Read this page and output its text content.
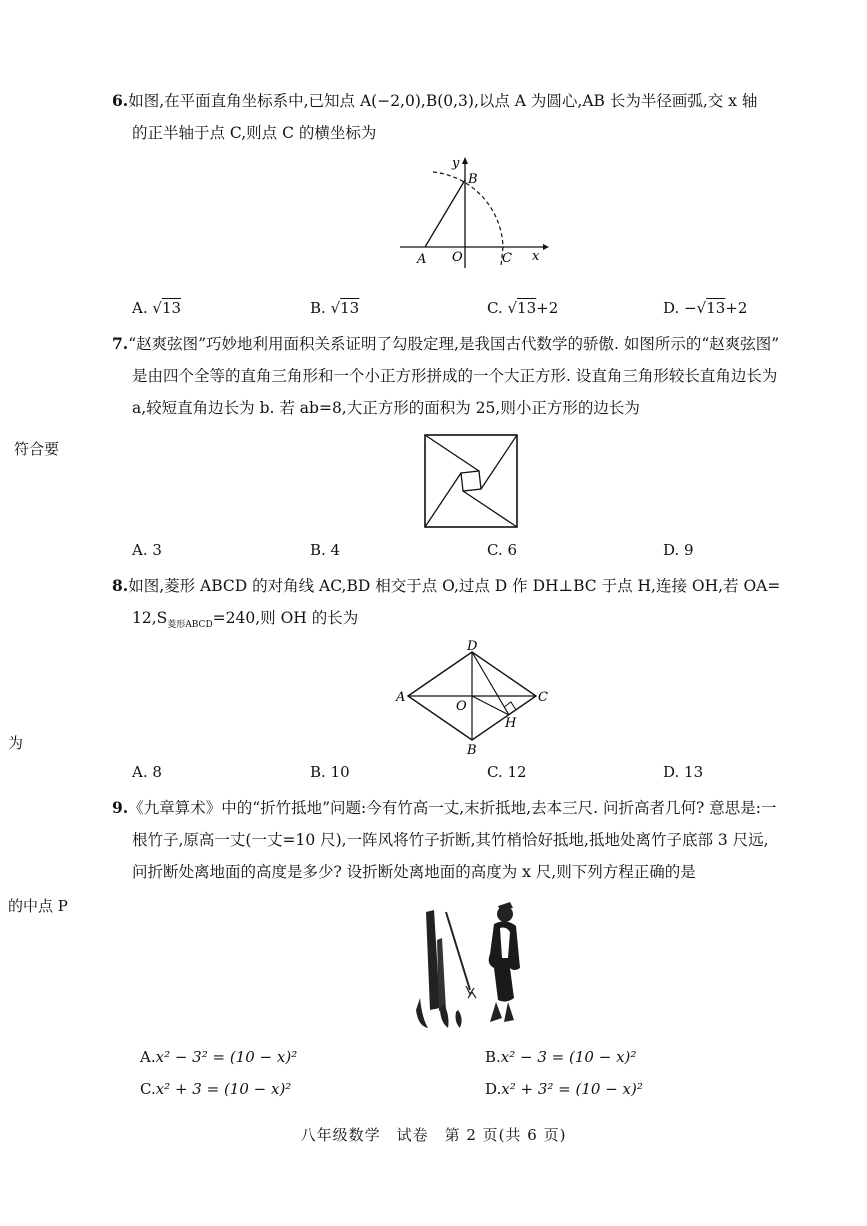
符合要
为
的中点 P
6.如图,在平面直角坐标系中,已知点 A(−2,0),B(0,3),以点 A 为圆心,AB 长为半径画弧,交 x 轴
的正半轴于点 C,则点 C 的横坐标为
y
B
A O	C x
A. √13	B. √13	C. √13+2	D. −√13+2
7.“赵爽弦图”巧妙地利用面积关系证明了勾股定理,是我国古代数学的骄傲. 如图所示的“赵爽弦图”
是由四个全等的直角三角形和一个小正方形拼成的一个大正方形. 设直角三角形较长直角边长为
a,较短直角边长为 b. 若 ab=8,大正方形的面积为 25,则小正方形的边长为
A. 3	B. 4	C. 6	D. 9
8.如图,菱形 ABCD 的对角线 AC,BD 相交于点 O,过点 D 作 DH⊥BC 于点 H,连接 OH,若 OA=
$12,S_{菱形ABCD}=240$,则 OH 的长为
A
D
C
B
O
H
A. 8	B. 10	C. 12	D. 13
9.《九章算术》中的“折竹抵地”问题:今有竹高一丈,末折抵地,去本三尺. 问折高者几何? 意思是:一
根竹子,原高一丈(一丈=10 尺),一阵风将竹子折断,其竹梢恰好抵地,抵地处离竹子底部 3 尺远,
问折断处离地面的高度是多少? 设折断处离地面的高度为 x 尺,则下列方程正确的是
A.x² − 3² = (10 − x)²	B.x² − 3 = (10 − x)²
C.x² + 3 = (10 − x)²	D.x² + 3² = (10 − x)²
八年级数学　试卷　第 2 页(共 6 页)
